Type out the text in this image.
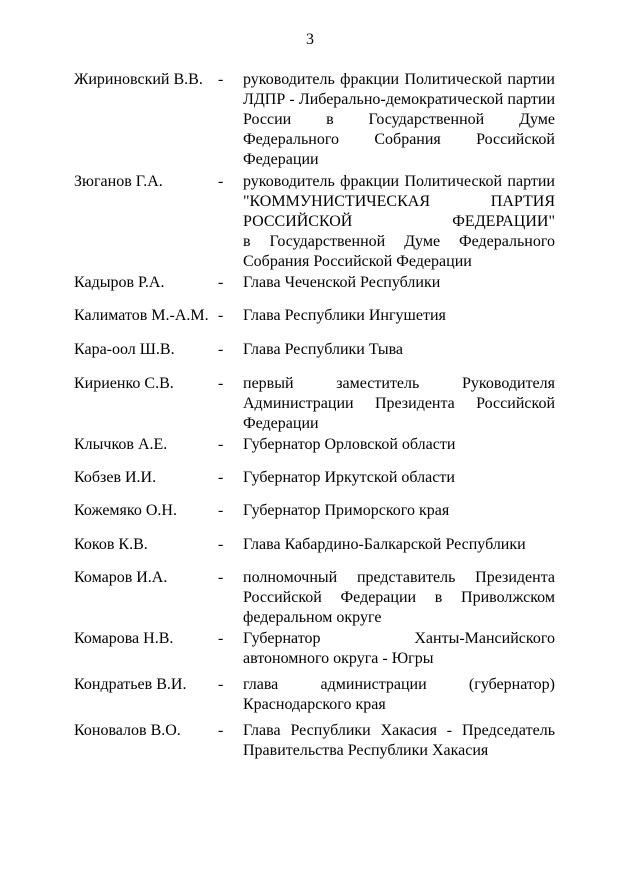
3
Жириновский В.В. - руководитель фракции Политической партии
ЛДПР - Либерально-демократической партии
России в Государственной Думе
Федерального Собрания Российской
Федерации
Зюганов Г.А.	- руководитель фракции Политической партии
"КОММУНИСТИЧЕСКАЯ ПАРТИЯ
РОССИЙСКОЙ ФЕДЕРАЦИИ"
в Государственной Думе Федерального
Собрания Российской Федерации
Кадыров Р.А.	- Глава Чеченской Республики
Калиматов М.-А.М. - Глава Республики Ингушетия
Кара-оол Ш.В.	- Глава Республики Тыва
Кириенко С.В.	- первый заместитель Руководителя
Администрации Президента Российской
Федерации
Клычков А.Е.	- Губернатор Орловской области
Кобзев И.И.	- Губернатор Иркутской области
Кожемяко О.Н.	- Губернатор Приморского края
Коков К.В.	- Глава Кабардино-Балкарской Республики
Комаров И.А.	- полномочный представитель Президента
Российской Федерации в Приволжском
федеральном округе
Комарова Н.В.	- Губернатор Ханты-Мансийского
автономного округа - Югры
Кондратьев В.И. - глава администрации (губернатор)
Краснодарского края
Коновалов В.О. - Глава Республики Хакасия - Председатель
Правительства Республики Хакасия
